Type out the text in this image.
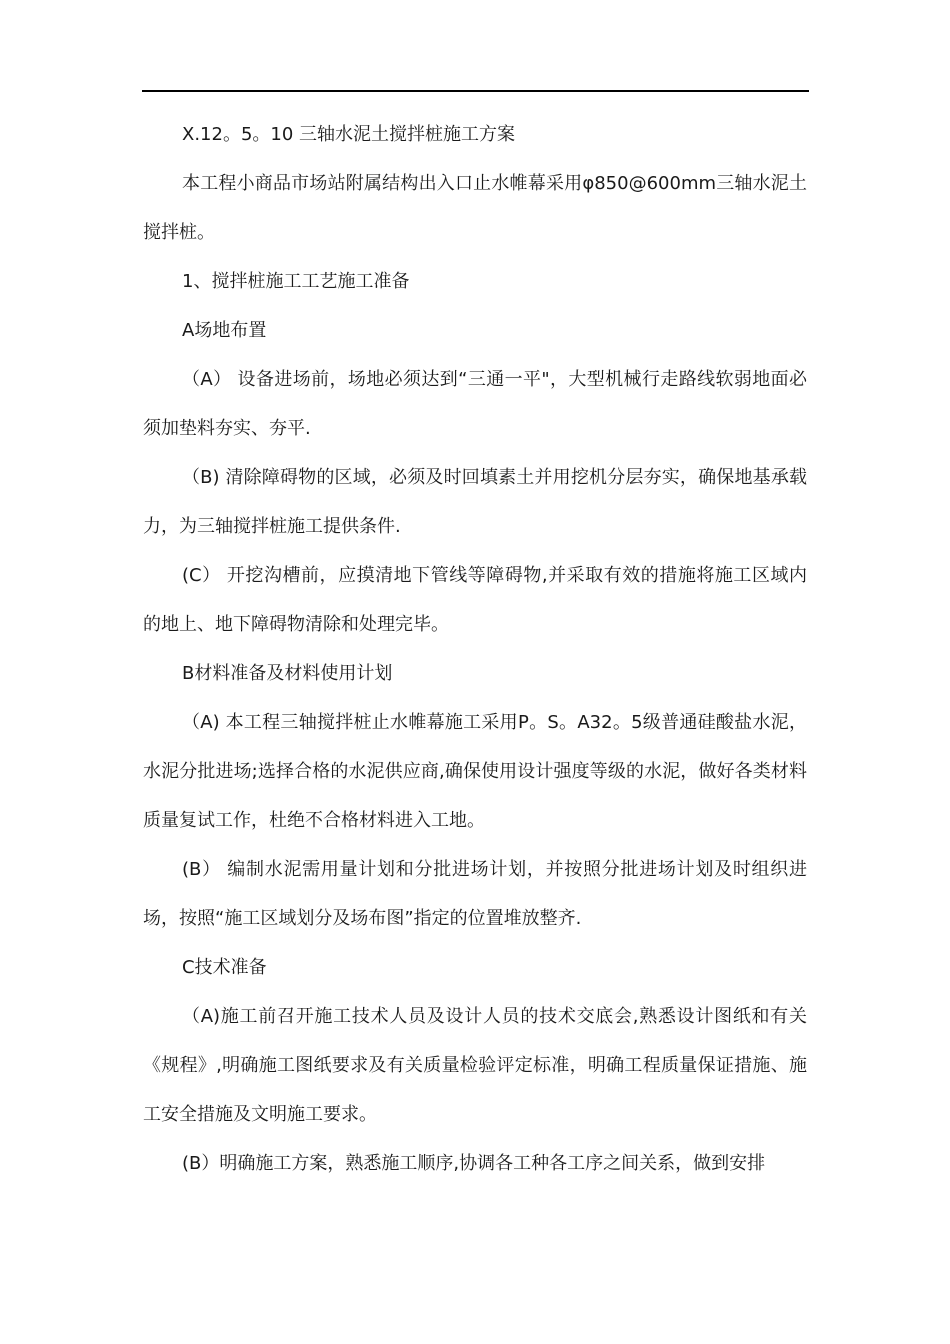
X.12。5。10 三轴水泥土搅拌桩施工方案

本工程小商品市场站附属结构出入口止水帷幕采用φ850@600mm三轴水泥土搅拌桩。

1、搅拌桩施工工艺施工准备

A场地布置

（A） 设备进场前，场地必须达到“三通一平"，大型机械行走路线软弱地面必须加垫料夯实、夯平.

（B) 清除障碍物的区域，必须及时回填素土并用挖机分层夯实，确保地基承载力，为三轴搅拌桩施工提供条件.

(C） 开挖沟槽前，应摸清地下管线等障碍物,并采取有效的措施将施工区域内的地上、地下障碍物清除和处理完毕。

B材料准备及材料使用计划

（A) 本工程三轴搅拌桩止水帷幕施工采用P。S。A32。5级普通硅酸盐水泥，水泥分批进场;选择合格的水泥供应商,确保使用设计强度等级的水泥，做好各类材料质量复试工作，杜绝不合格材料进入工地。

(B） 编制水泥需用量计划和分批进场计划，并按照分批进场计划及时组织进场，按照“施工区域划分及场布图”指定的位置堆放整齐.

C技术准备

（A)施工前召开施工技术人员及设计人员的技术交底会,熟悉设计图纸和有关《规程》,明确施工图纸要求及有关质量检验评定标准，明确工程质量保证措施、施工安全措施及文明施工要求。

(B）明确施工方案，熟悉施工顺序,协调各工种各工序之间关系，做到安排
